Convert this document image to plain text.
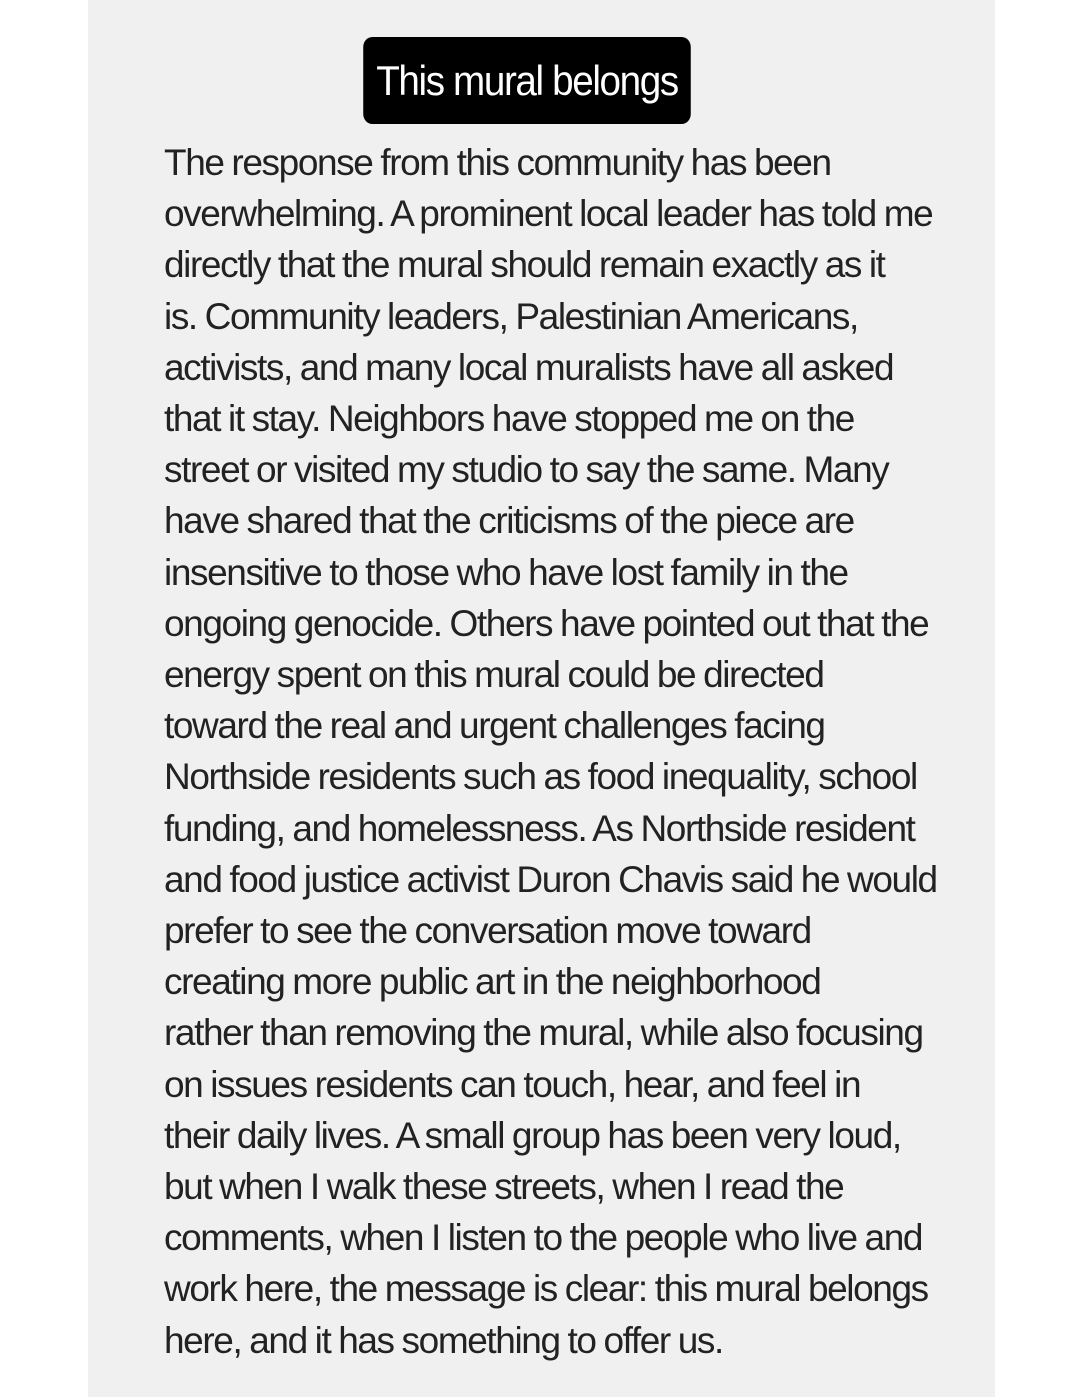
This mural belongs
The response from this community has been
overwhelming. A prominent local leader has told me
directly that the mural should remain exactly as it
is. Community leaders, Palestinian Americans,
activists, and many local muralists have all asked
that it stay. Neighbors have stopped me on the
street or visited my studio to say the same. Many
have shared that the criticisms of the piece are
insensitive to those who have lost family in the
ongoing genocide. Others have pointed out that the
energy spent on this mural could be directed
toward the real and urgent challenges facing
Northside residents such as food inequality, school
funding, and homelessness. As Northside resident
and food justice activist Duron Chavis said he would
prefer to see the conversation move toward
creating more public art in the neighborhood
rather than removing the mural, while also focusing
on issues residents can touch, hear, and feel in
their daily lives. A small group has been very loud,
but when I walk these streets, when I read the
comments, when I listen to the people who live and
work here, the message is clear: this mural belongs
here, and it has something to offer us.
